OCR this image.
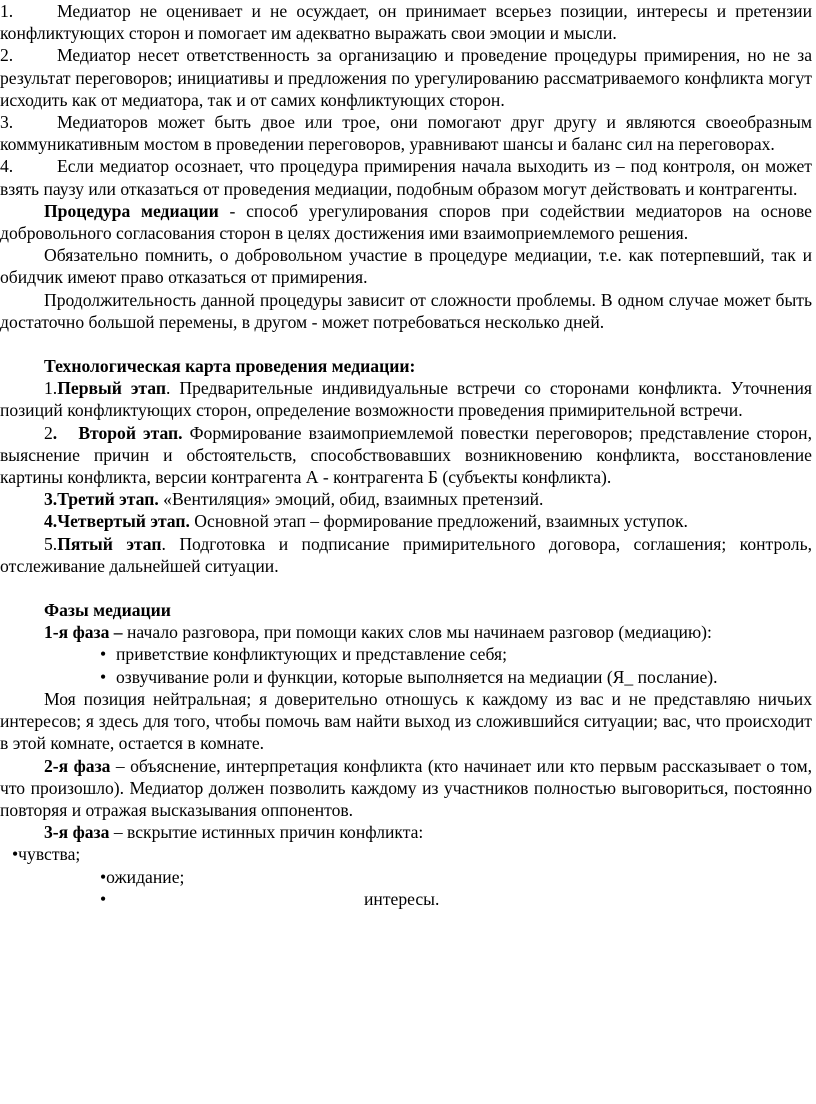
1. Медиатор не оценивает и не осуждает, он принимает всерьез позиции, интересы и претензии конфликтующих сторон и помогает им адекватно выражать свои эмоции и мысли.

2. Медиатор несет ответственность за организацию и проведение процедуры примирения, но не за результат переговоров; инициативы и предложения по урегулированию рассматриваемого конфликта могут исходить как от медиатора, так и от самих конфликтующих сторон.

3. Медиаторов может быть двое или трое, они помогают друг другу и являются своеобразным коммуникативным мостом в проведении переговоров, уравнивают шансы и баланс сил на переговорах.

4. Если медиатор осознает, что процедура примирения начала выходить из – под контроля, он может взять паузу или отказаться от проведения медиации, подобным образом могут действовать и контрагенты.

Процедура медиации - способ урегулирования споров при содействии медиаторов на основе добровольного согласования сторон в целях достижения ими взаимоприемлемого решения.

Обязательно помнить, о добровольном участие в процедуре медиации, т.е. как потерпевший, так и обидчик имеют право отказаться от примирения.

Продолжительность данной процедуры зависит от сложности проблемы. В одном случае может быть достаточно большой перемены, в другом - может потребоваться несколько дней.

Технологическая карта проведения медиации:

1.Первый этап. Предварительные индивидуальные встречи со сторонами конфликта. Уточнения позиций конфликтующих сторон, определение возможности проведения примирительной встречи.

2.   Второй этап. Формирование взаимоприемлемой повестки переговоров; представление сторон, выяснение причин и обстоятельств, способствовавших возникновению конфликта, восстановление картины конфликта, версии контрагента А - контрагента Б (субъекты конфликта).

3.Третий этап. «Вентиляция» эмоций, обид, взаимных претензий.

4.Четвертый этап. Основной этап – формирование предложений, взаимных уступок.

5.Пятый этап. Подготовка и подписание примирительного договора, соглашения; контроль, отслеживание дальнейшей ситуации.

Фазы медиации

1-я фаза – начало разговора, при помощи каких слов мы начинаем разговор (медиацию):

• приветствие конфликтующих и представление себя;
• озвучивание роли и функции, которые выполняется на медиации (Я_ послание).

Моя позиция нейтральная; я доверительно отношусь к каждому из вас и не представляю ничьих интересов; я здесь для того, чтобы помочь вам найти выход из сложившийся ситуации; вас, что происходит в этой комнате, остается в комнате.

2-я фаза – объяснение, интерпретация конфликта (кто начинает или кто первым рассказывает о том, что произошло). Медиатор должен позволить каждому из участников полностью выговориться, постоянно повторяя и отражая высказывания оппонентов.

3-я фаза – вскрытие истинных причин конфликта:

•чувства;

•ожидание;

•	интересы.
